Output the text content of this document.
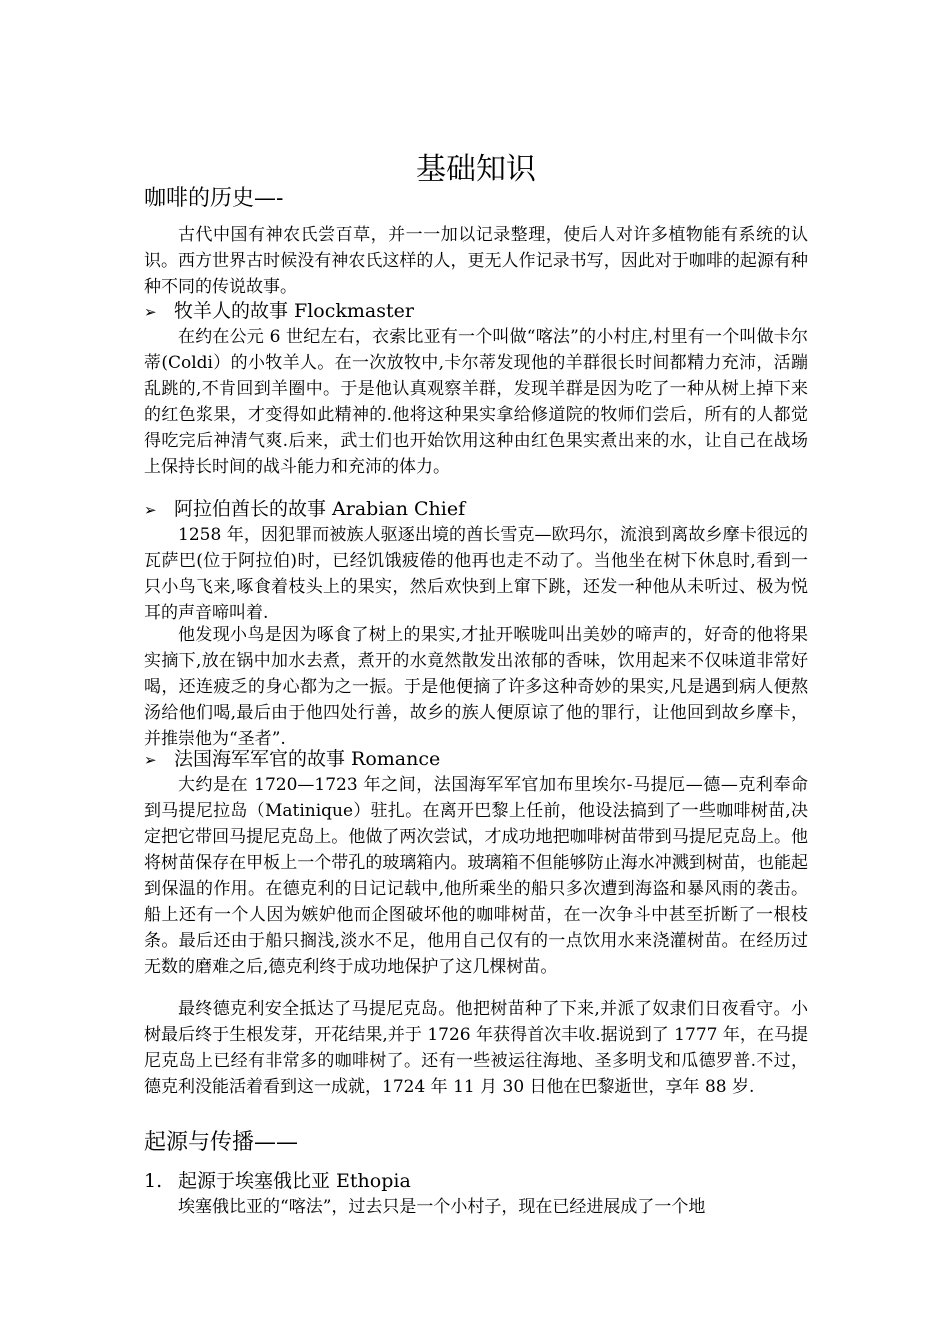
基础知识
咖啡的历史—-
古代中国有神农氏尝百草，并一一加以记录整理，使后人对许多植物能有系统的认识。西方世界古时候没有神农氏这样的人，更无人作记录书写，因此对于咖啡的起源有种种不同的传说故事。
➢ 牧羊人的故事 Flockmaster
在约在公元 6 世纪左右，衣索比亚有一个叫做“喀法”的小村庄,村里有一个叫做卡尔蒂(Coldi）的小牧羊人。在一次放牧中,卡尔蒂发现他的羊群很长时间都精力充沛，活蹦乱跳的,不肯回到羊圈中。于是他认真观察羊群，发现羊群是因为吃了一种从树上掉下来的红色浆果，才变得如此精神的.他将这种果实拿给修道院的牧师们尝后，所有的人都觉得吃完后神清气爽.后来，武士们也开始饮用这种由红色果实煮出来的水，让自己在战场上保持长时间的战斗能力和充沛的体力。
➢ 阿拉伯酋长的故事 Arabian Chief
1258 年，因犯罪而被族人驱逐出境的酋长雪克—欧玛尔，流浪到离故乡摩卡很远的瓦萨巴(位于阿拉伯)时，已经饥饿疲倦的他再也走不动了。当他坐在树下休息时,看到一只小鸟飞来,啄食着枝头上的果实，然后欢快到上窜下跳，还发一种他从未听过、极为悦耳的声音啼叫着.
他发现小鸟是因为啄食了树上的果实,才扯开喉咙叫出美妙的啼声的，好奇的他将果实摘下,放在锅中加水去煮，煮开的水竟然散发出浓郁的香味，饮用起来不仅味道非常好喝，还连疲乏的身心都为之一振。于是他便摘了许多这种奇妙的果实,凡是遇到病人便熬汤给他们喝,最后由于他四处行善，故乡的族人便原谅了他的罪行，让他回到故乡摩卡，并推崇他为“圣者”.
➢ 法国海军军官的故事 Romance
大约是在 1720—1723 年之间，法国海军军官加布里埃尔-马提厄—德—克利奉命到马提尼拉岛（Matinique）驻扎。在离开巴黎上任前，他设法搞到了一些咖啡树苗,决定把它带回马提尼克岛上。他做了两次尝试，才成功地把咖啡树苗带到马提尼克岛上。他将树苗保存在甲板上一个带孔的玻璃箱内。玻璃箱不但能够防止海水冲溅到树苗，也能起到保温的作用。在德克利的日记记载中,他所乘坐的船只多次遭到海盗和暴风雨的袭击。船上还有一个人因为嫉妒他而企图破坏他的咖啡树苗，在一次争斗中甚至折断了一根枝条。最后还由于船只搁浅,淡水不足，他用自己仅有的一点饮用水来浇灌树苗。在经历过无数的磨难之后,德克利终于成功地保护了这几棵树苗。
最终德克利安全抵达了马提尼克岛。他把树苗种了下来,并派了奴隶们日夜看守。小树最后终于生根发芽，开花结果,并于 1726 年获得首次丰收.据说到了 1777 年，在马提尼克岛上已经有非常多的咖啡树了。还有一些被运往海地、圣多明戈和瓜德罗普.不过，德克利没能活着看到这一成就，1724 年 11 月 30 日他在巴黎逝世，享年 88 岁.
起源与传播——
1. 起源于埃塞俄比亚 Ethopia
埃塞俄比亚的“喀法”，过去只是一个小村子，现在已经进展成了一个地
